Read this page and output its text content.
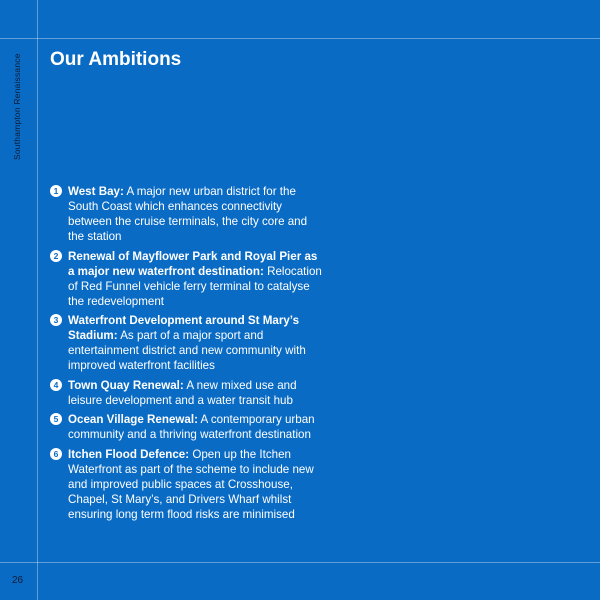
Southampton Renaissance
26
Our Ambitions
1 West Bay: A major new urban district for the South Coast which enhances connectivity between the cruise terminals, the city core and the station
2 Renewal of Mayflower Park and Royal Pier as a major new waterfront destination: Relocation of Red Funnel vehicle ferry terminal to catalyse the redevelopment
3 Waterfront Development around St Mary’s Stadium: As part of a major sport and entertainment district and new community with improved waterfront facilities
4 Town Quay Renewal: A new mixed use and leisure development and a water transit hub
5 Ocean Village Renewal: A contemporary urban community and a thriving waterfront destination
6 Itchen Flood Defence: Open up the Itchen Waterfront as part of the scheme to include new and improved public spaces at Crosshouse, Chapel, St Mary’s, and Drivers Wharf whilst ensuring long term flood risks are minimised
